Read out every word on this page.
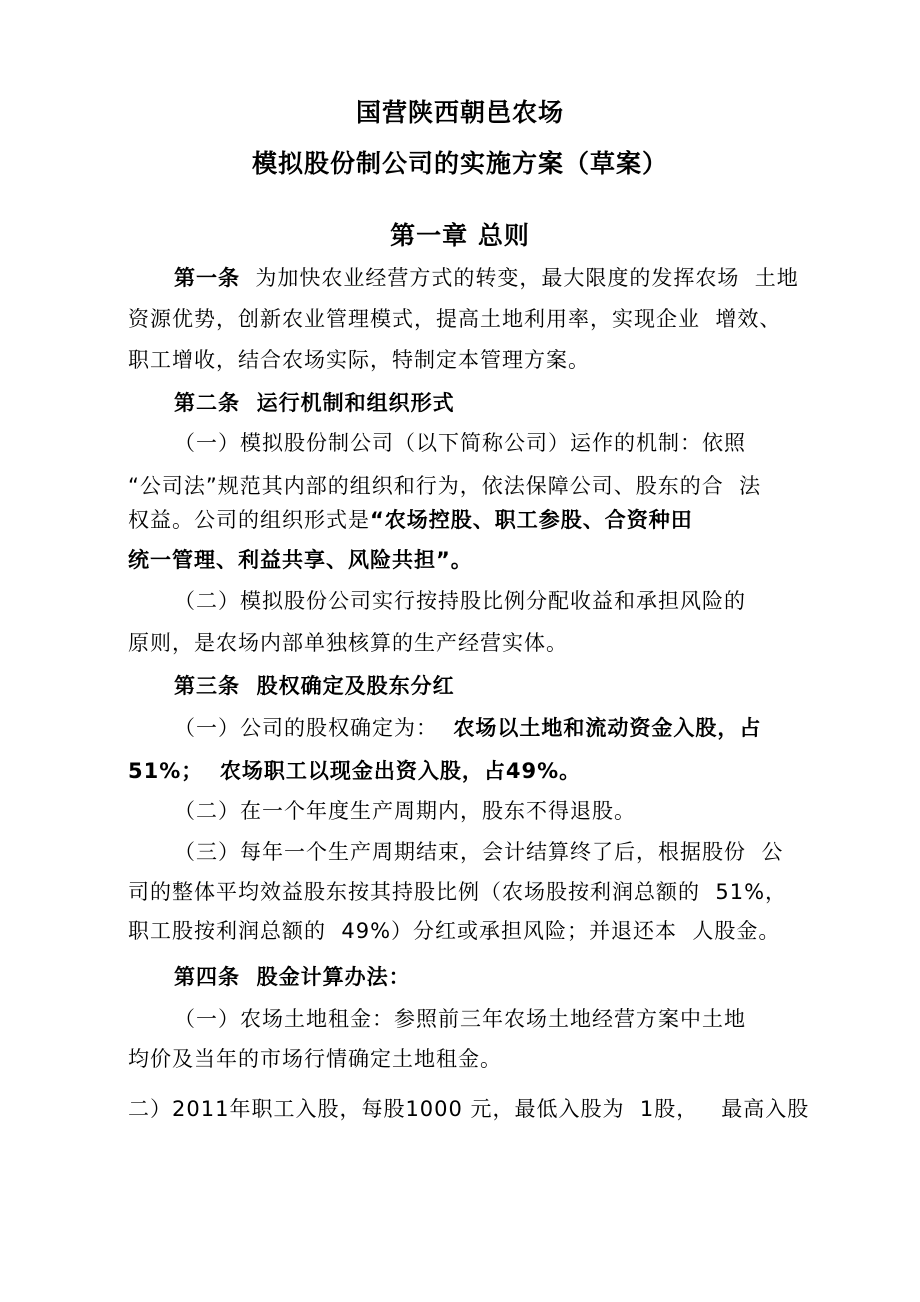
国营陕西朝邑农场
模拟股份制公司的实施方案（草案）
第一章 总则
第一条  为加快农业经营方式的转变，最大限度的发挥农场  土地
资源优势，创新农业管理模式，提高土地利用率，实现企业  增效、
职工增收，结合农场实际，特制定本管理方案。
第二条  运行机制和组织形式
（一）模拟股份制公司（以下简称公司）运作的机制：依照
“公司法”规范其内部的组织和行为，依法保障公司、股东的合  法
权益。公司的组织形式是“农场控股、职工参股、合资种田
统一管理、利益共享、风险共担”。
（二）模拟股份公司实行按持股比例分配收益和承担风险的
原则，是农场内部单独核算的生产经营实体。
第三条  股权确定及股东分红
（一）公司的股权确定为：  农场以土地和流动资金入股，占
51%；  农场职工以现金出资入股，占49%。
（二）在一个年度生产周期内，股东不得退股。
（三）每年一个生产周期结束，会计结算终了后，根据股份  公
司的整体平均效益股东按其持股比例（农场股按利润总额的  51%，
职工股按利润总额的  49%）分红或承担风险；并退还本  人股金。
第四条  股金计算办法：
（一）农场土地租金：参照前三年农场土地经营方案中土地
均价及当年的市场行情确定土地租金。
二）2011年职工入股，每股1000 元，最低入股为  1股，   最高入股
